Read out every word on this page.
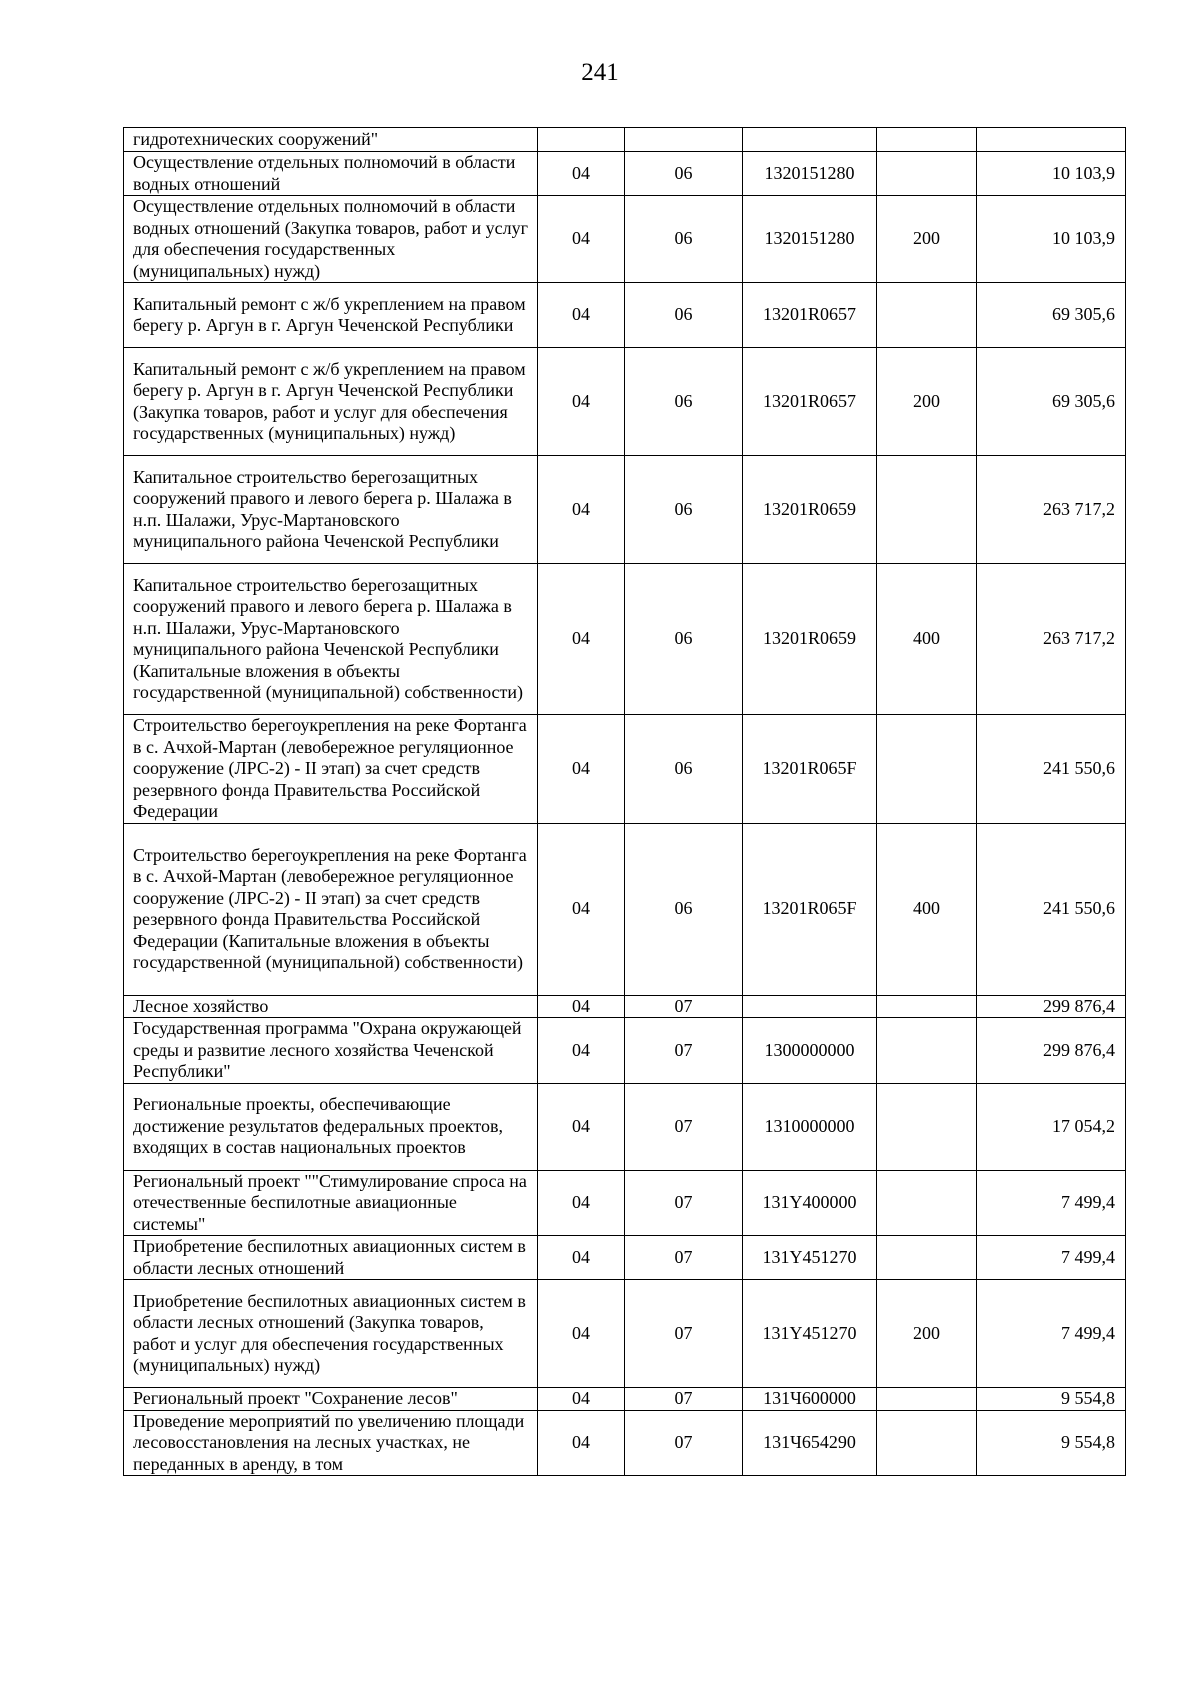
241
гидротехнических сооружений"					
Осуществление отдельных полномочий в области водных отношений	04	06	1320151280		10 103,9
Осуществление отдельных полномочий в области водных отношений (Закупка товаров, работ и услуг для обеспечения государственных (муниципальных) нужд)	04	06	1320151280	200	10 103,9
Капитальный ремонт с ж/б укреплением на правом берегу р. Аргун в г. Аргун Чеченской Республики	04	06	13201R0657		69 305,6
Капитальный ремонт с ж/б укреплением на правом берегу р. Аргун в г. Аргун Чеченской Республики (Закупка товаров, работ и услуг для обеспечения государственных (муниципальных) нужд)	04	06	13201R0657	200	69 305,6
Капитальное строительство берегозащитных сооружений правого и левого берега р. Шалажа в н.п. Шалажи, Урус-Мартановского муниципального района Чеченской Республики	04	06	13201R0659		263 717,2
Капитальное строительство берегозащитных сооружений правого и левого берега р. Шалажа в н.п. Шалажи, Урус-Мартановского муниципального района Чеченской Республики (Капитальные вложения в объекты государственной (муниципальной) собственности)	04	06	13201R0659	400	263 717,2
Строительство берегоукрепления на реке Фортанга в с. Ачхой-Мартан (левобережное регуляционное сооружение (ЛРС-2) - II этап) за счет средств резервного фонда Правительства Российской Федерации	04	06	13201R065F		241 550,6
Строительство берегоукрепления на реке Фортанга в с. Ачхой-Мартан (левобережное регуляционное сооружение (ЛРС-2) - II этап) за счет средств резервного фонда Правительства Российской Федерации (Капитальные вложения в объекты государственной (муниципальной) собственности)	04	06	13201R065F	400	241 550,6
Лесное хозяйство	04	07			299 876,4
Государственная программа "Охрана окружающей среды и развитие лесного хозяйства Чеченской Республики"	04	07	1300000000		299 876,4
Региональные проекты, обеспечивающие достижение результатов федеральных проектов, входящих в состав национальных проектов	04	07	1310000000		17 054,2
Региональный проект ""Стимулирование спроса на отечественные беспилотные авиационные системы"	04	07	131Y400000		7 499,4
Приобретение беспилотных авиационных систем в области лесных отношений	04	07	131Y451270		7 499,4
Приобретение беспилотных авиационных систем в области лесных отношений (Закупка товаров, работ и услуг для обеспечения государственных (муниципальных) нужд)	04	07	131Y451270	200	7 499,4
Региональный проект "Сохранение лесов"	04	07	131Ч600000		9 554,8
Проведение мероприятий по увеличению площади лесовосстановления на лесных участках, не переданных в аренду, в том	04	07	131Ч654290		9 554,8
